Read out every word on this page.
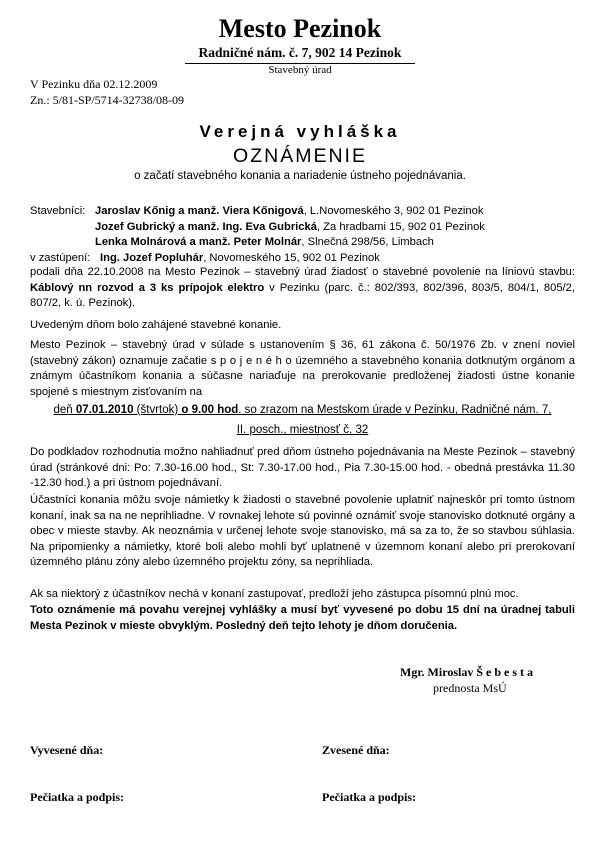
Mesto Pezinok
Radničné nám. č. 7, 902 14 Pezinok
Stavebný úrad
V Pezinku dňa 02.12.2009
Zn.: 5/81-SP/5714-32738/08-09
Verejná vyhláška
OZNÁMENIE
o začatí stavebného konania a nariadenie ústneho pojednávania.
Stavebníci: Jaroslav Kőnig a manž. Viera Kőnigová, L.Novomeského 3, 902 01 Pezinok
Jozef Gubrický a manž. Ing. Eva Gubrická, Za hradbami 15, 902 01 Pezinok
Lenka Molnárová a manž. Peter Molnár, Slnečná 298/56, Limbach
v zastúpení: Ing. Jozef Popluhár, Novomeského 15, 902 01 Pezinok

podali dňa 22.10.2008 na Mesto Pezinok – stavebný úrad žiadosť o stavebné povolenie na líniovú stavbu: Káblový nn rozvod a 3 ks prípojok elektro v Pezinku (parc. č.: 802/393, 802/396, 803/5, 804/1, 805/2, 807/2, k. ú. Pezinok).

Uvedeným dňom bolo zahájené stavebné konanie.

Mesto Pezinok – stavebný úrad v súlade s ustanovením § 36, 61 zákona č. 50/1976 Zb. v znení noviel (stavebný zákon) oznamuje začatie s p o j e n é h o územného a stavebného konania dotknutým orgánom a známym účastníkom konania a súčasne nariaďuje na prerokovanie predloženej žiadosti ústne konanie spojené s miestnym zisťovaním na

deň 07.01.2010 (štvrtok) o 9.00 hod. so zrazom na Mestskom úrade v Pezinku, Radničné nám. 7,
II. posch., miestnosť č. 32

Do podkladov rozhodnutia možno nahliadnuť pred dňom ústneho pojednávania na Meste Pezinok – stavebný úrad (stránkové dni: Po: 7.30-16.00 hod., St: 7.30-17.00 hod., Pia 7.30-15.00 hod. - obedná prestávka 11.30 -12.30 hod.) a pri ústnom pojednávaní.

Účastníci konania môžu svoje námietky k žiadosti o stavebné povolenie uplatniť najneskôr pri tomto ústnom konaní, inak sa na ne neprihliadne. V rovnakej lehote sú povinné oznámiť svoje stanovisko dotknuté orgány a obec v mieste stavby. Ak neoznámia v určenej lehote svoje stanovisko, má sa za to, že so stavbou súhlasia. Na pripomienky a námietky, ktoré boli alebo mohli byť uplatnené v územnom konaní alebo pri prerokovaní územného plánu zóny alebo územného projektu zóny, sa neprihliada.

Ak sa niektorý z účastníkov nechá v konaní zastupovať, predloží jeho zástupca písomnú plnú moc.

Toto oznámenie má povahu verejnej vyhlášky a musí byť vyvesené po dobu 15 dní na úradnej tabuli Mesta Pezinok v mieste obvyklým. Posledný deň tejto lehoty je dňom doručenia.

Mgr. Miroslav Š e b e s t a
prednosta MsÚ
Vyvesené dňa:	Zvesené dňa:
Pečiatka a podpis:	Pečiatka a podpis:
